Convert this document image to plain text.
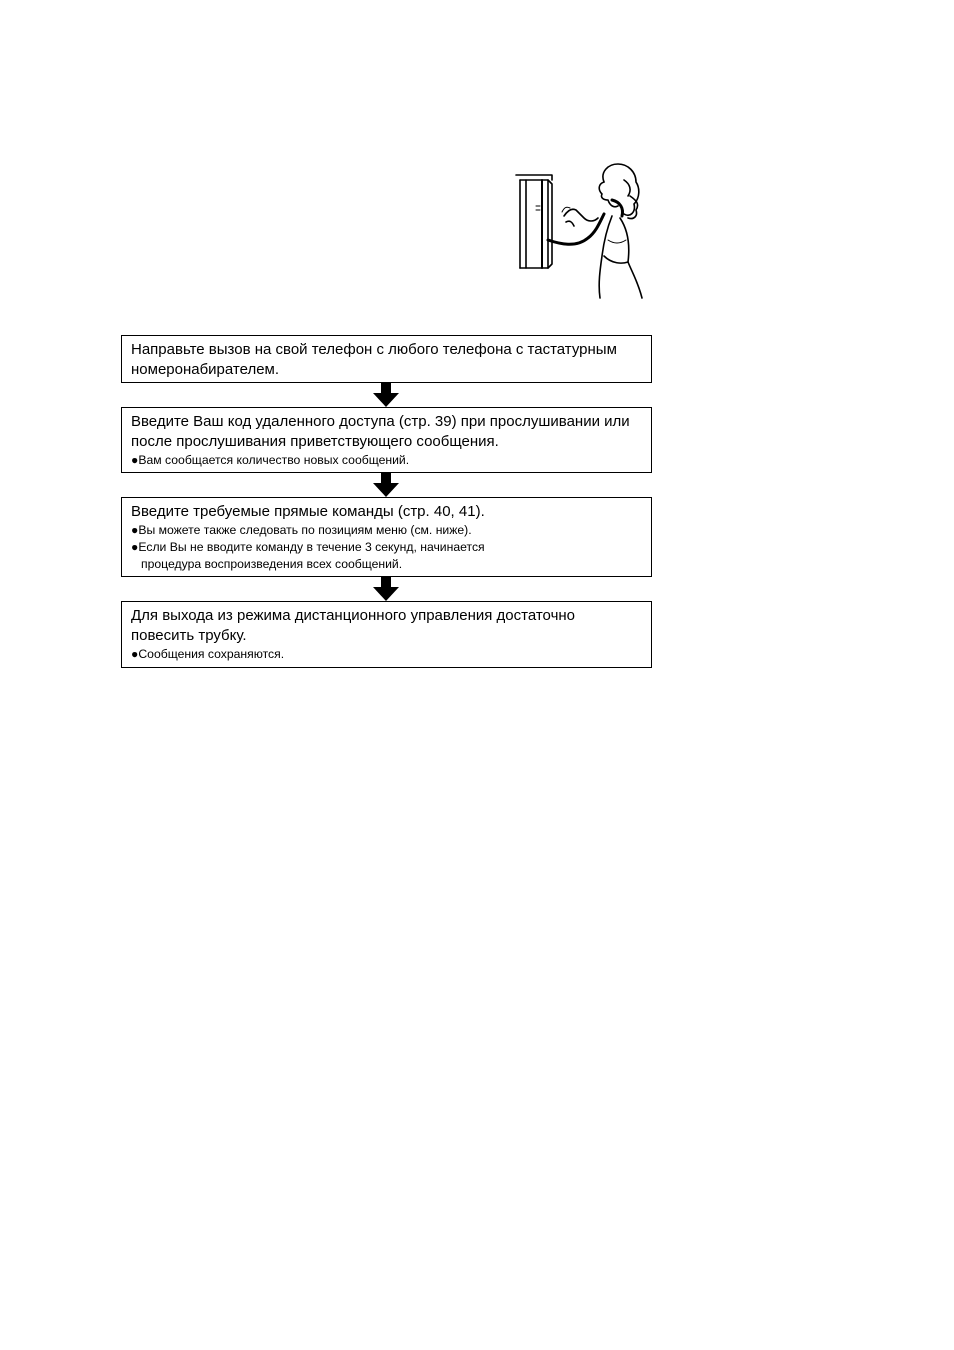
Направьте вызов на свой телефон с любого телефона с тастатурным номеронабирателем.

Введите Ваш код удаленного доступа (стр. 39) при прослушивании или после прослушивания приветствующего сообщения.

●Вам сообщается количество новых сообщений.

Введите требуемые прямые команды (стр. 40, 41).

●Вы можете также следовать по позициям меню (см. ниже).

●Если Вы не вводите команду в течение 3 секунд, начинается

процедура воспроизведения всех сообщений.

Для выхода из режима дистанционного управления достаточно повесить трубку.

●Сообщения сохраняются.
